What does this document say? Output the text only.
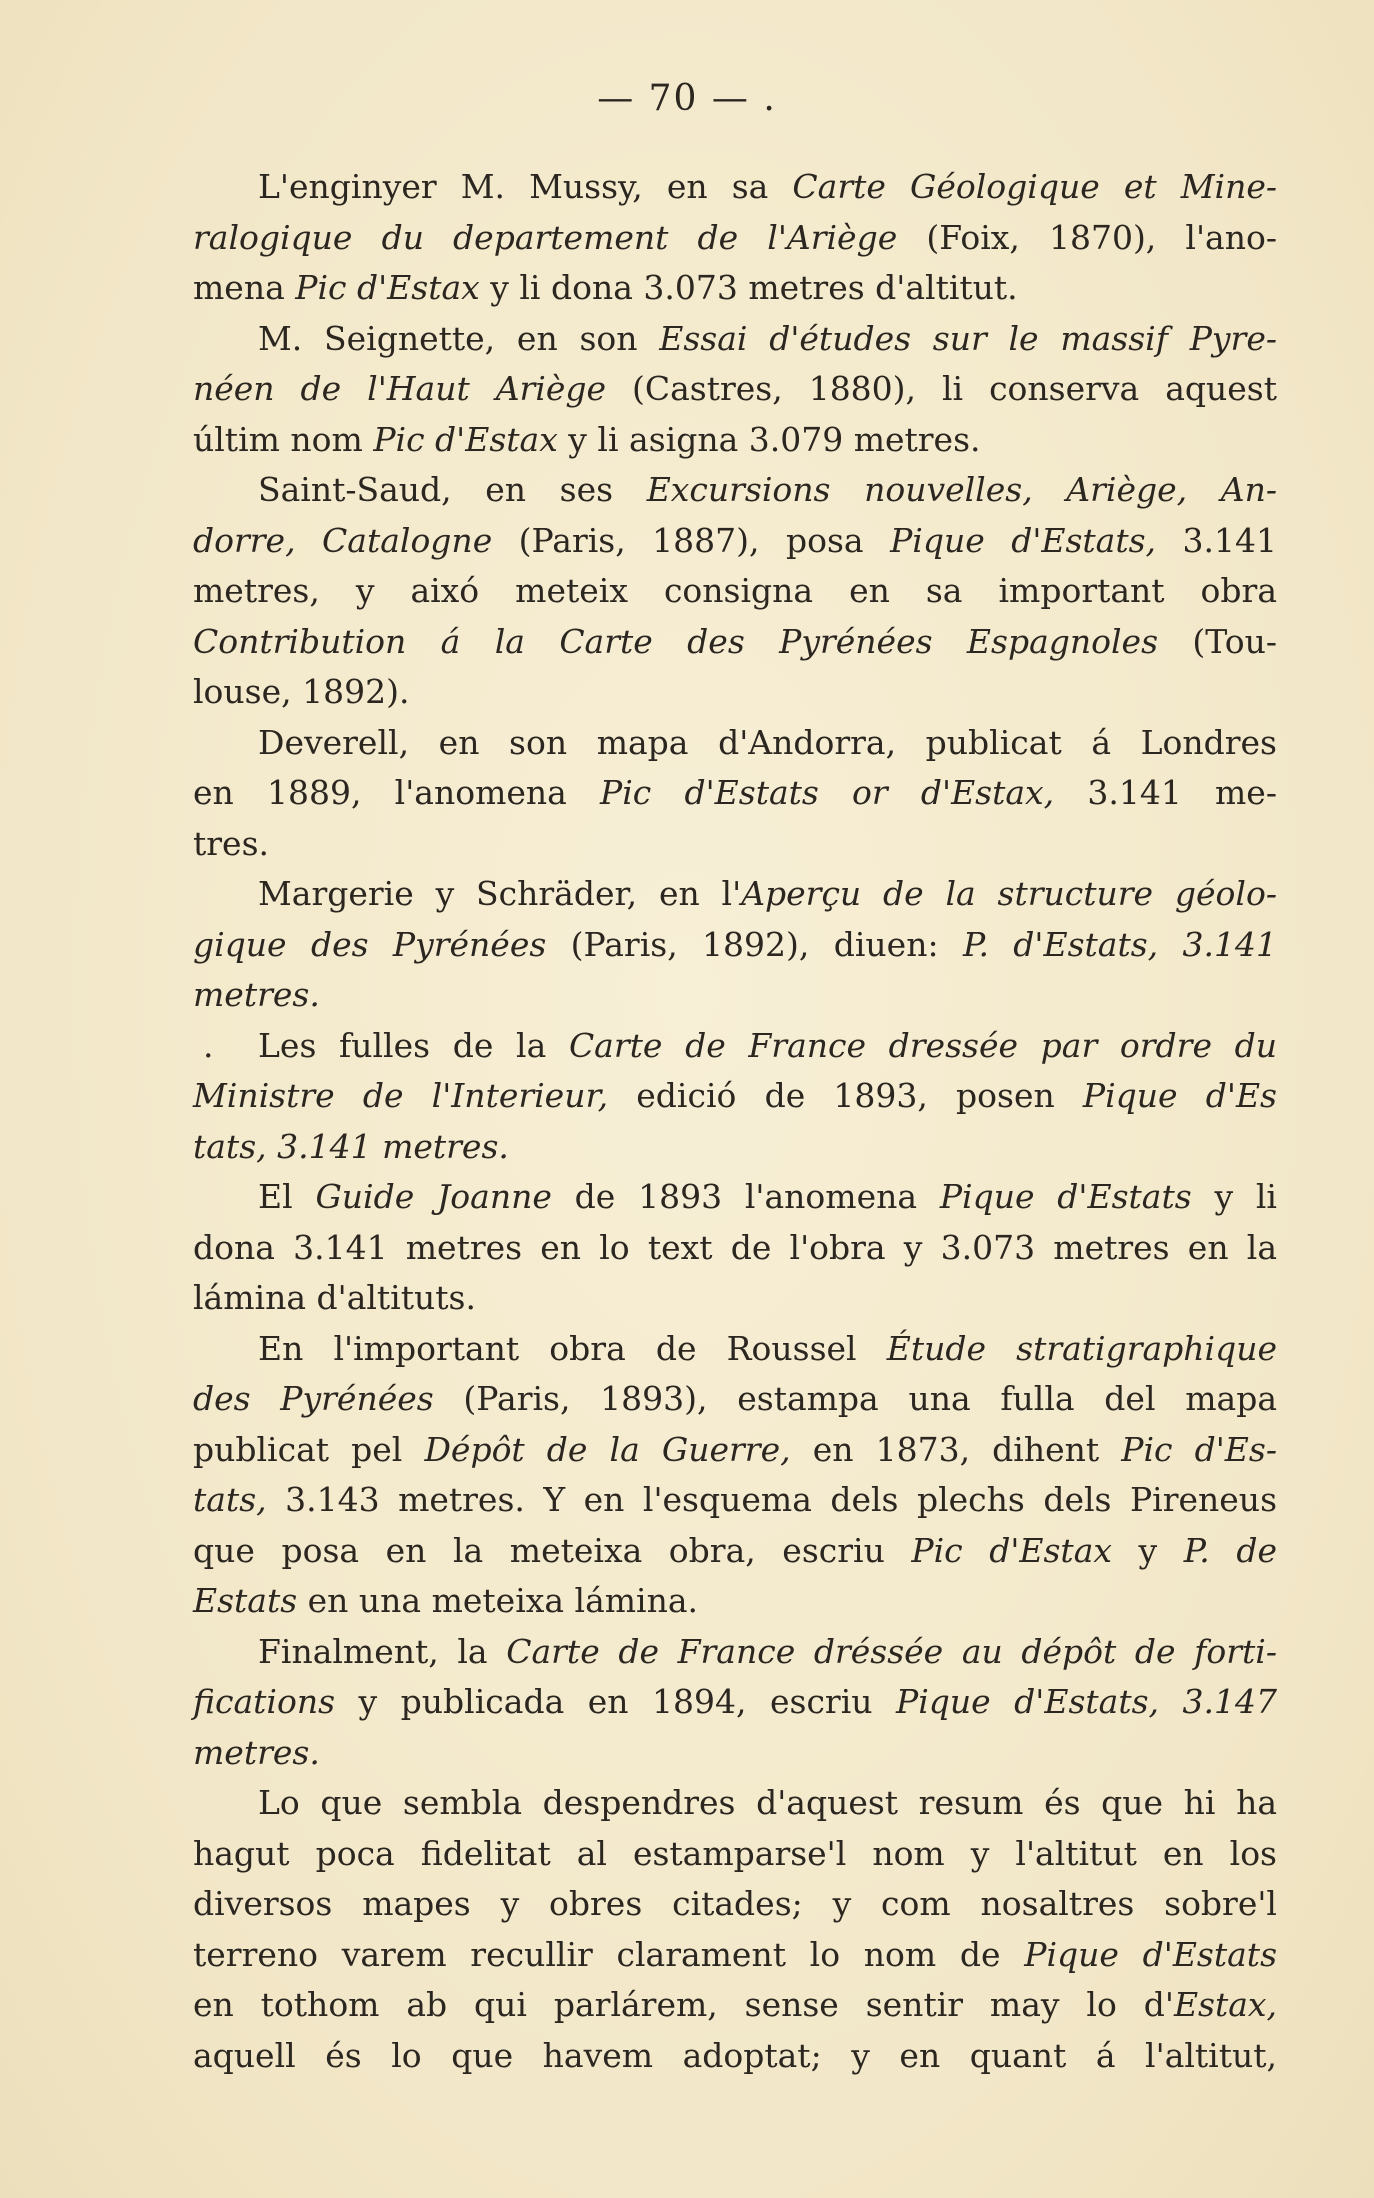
— 70 — .
L'enginyer M. Mussy, en sa Carte Géologique et Mine-
ralogique du departement de l'Ariège (Foix, 1870), l'ano-
mena Pic d'Estax y li dona 3.073 metres d'altitut.
M. Seignette, en son Essai d'études sur le massif Pyre-
néen de l'Haut Ariège (Castres, 1880), li conserva aquest
últim nom Pic d'Estax y li asigna 3.079 metres.
Saint-Saud, en ses Excursions nouvelles, Ariège, An-
dorre, Catalogne (Paris, 1887), posa Pique d'Estats, 3.141
metres, y aixó meteix consigna en sa important obra
Contribution á la Carte des Pyrénées Espagnoles (Tou-
louse, 1892).
Deverell, en son mapa d'Andorra, publicat á Londres
en 1889, l'anomena Pic d'Estats or d'Estax, 3.141 me-
tres.
Margerie y Schräder, en l'Aperçu de la structure géolo-
gique des Pyrénées (Paris, 1892), diuen: P. d'Estats, 3.141
metres.
. Les fulles de la Carte de France dressée par ordre du
Ministre de l'Interieur, edició de 1893, posen Pique d'Es
tats, 3.141 metres.
El Guide Joanne de 1893 l'anomena Pique d'Estats y li
dona 3.141 metres en lo text de l'obra y 3.073 metres en la
lámina d'altituts.
En l'important obra de Roussel Étude stratigraphique
des Pyrénées (Paris, 1893), estampa una fulla del mapa
publicat pel Dépôt de la Guerre, en 1873, dihent Pic d'Es-
tats, 3.143 metres. Y en l'esquema dels plechs dels Pireneus
que posa en la meteixa obra, escriu Pic d'Estax y P. de
Estats en una meteixa lámina.
Finalment, la Carte de France dréssée au dépôt de forti-
fications y publicada en 1894, escriu Pique d'Estats, 3.147
metres.
Lo que sembla despendres d'aquest resum és que hi ha
hagut poca fidelitat al estamparse'l nom y l'altitut en los
diversos mapes y obres citades; y com nosaltres sobre'l
terreno varem recullir clarament lo nom de Pique d'Estats
en tothom ab qui parlárem, sense sentir may lo d'Estax,
aquell és lo que havem adoptat; y en quant á l'altitut,
